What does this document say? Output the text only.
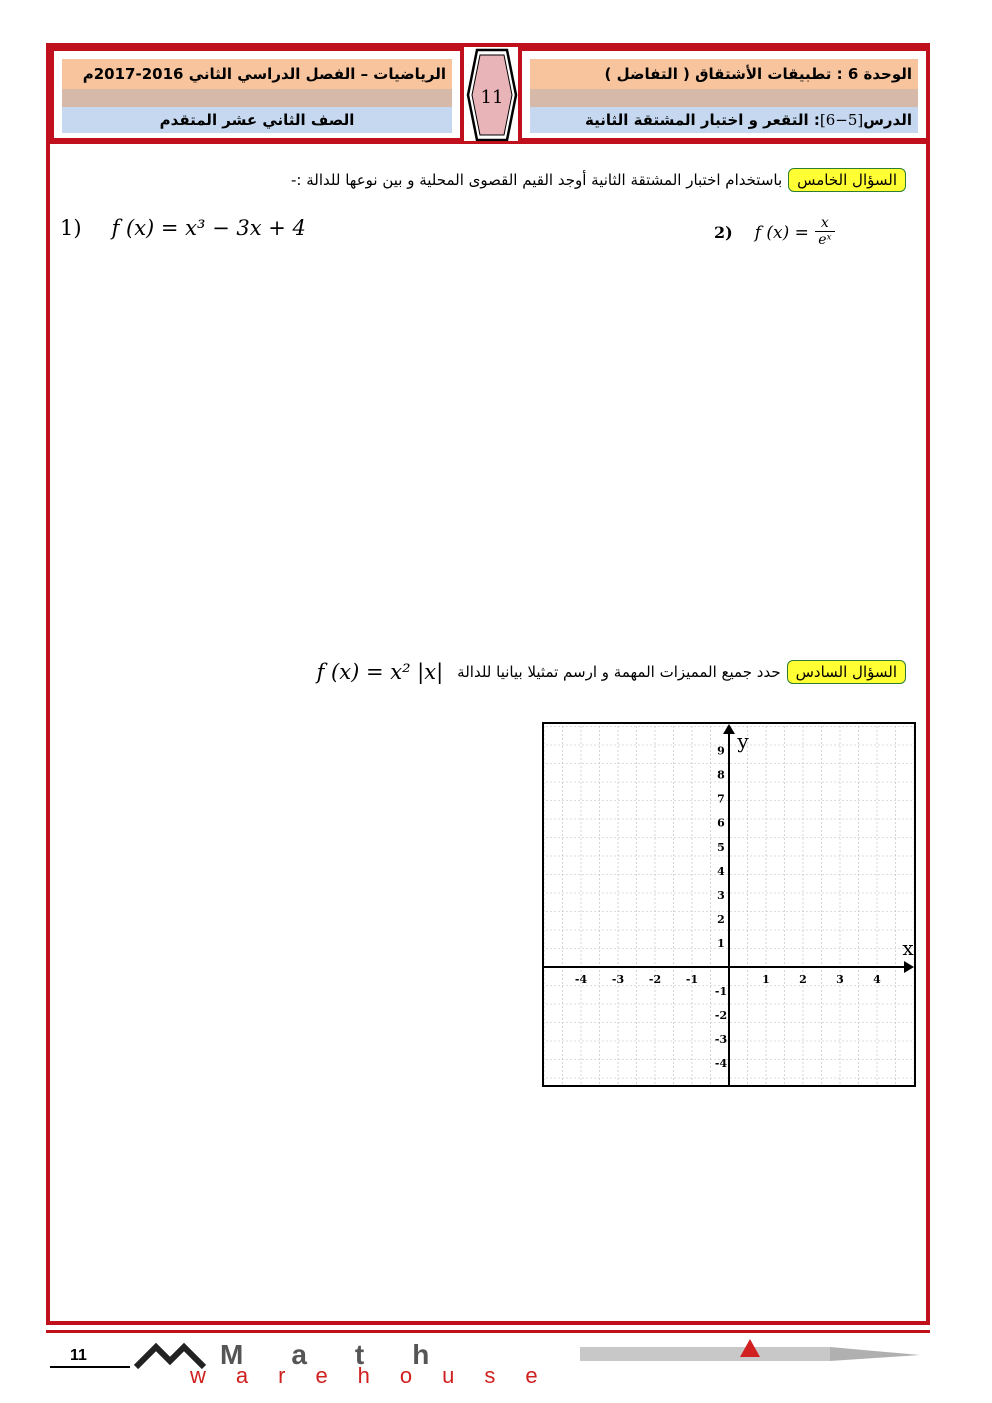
الرياضيات – الفصل الدراسي الثاني 2016-2017م
الصف الثاني عشر المتقدم
11
الوحدة 6 : تطبيقات الأشتقاق ( التفاضل )
الدرس
[6−5]
: التقعر و اختبار المشتقة الثانية
السؤال الخامس
باستخدام اختبار المشتقة الثانية أوجد القيم القصوى المحلية و بين نوعها للدالة :-
1) f (x) = x³ − 3x + 4	2) f $(x) = \frac{x}{\text{eˣ}}$
السؤال السادس
حدد جميع المميزات المهمة و ارسم تمثيلا بيانيا للدالة
f (x) = x² |x|
-4 -3 -2 -1	1	2	3	4
9
8
7
6
5
4
3
2
1
-1
-2
-3
-4
x
y
11	Math
warehouse
